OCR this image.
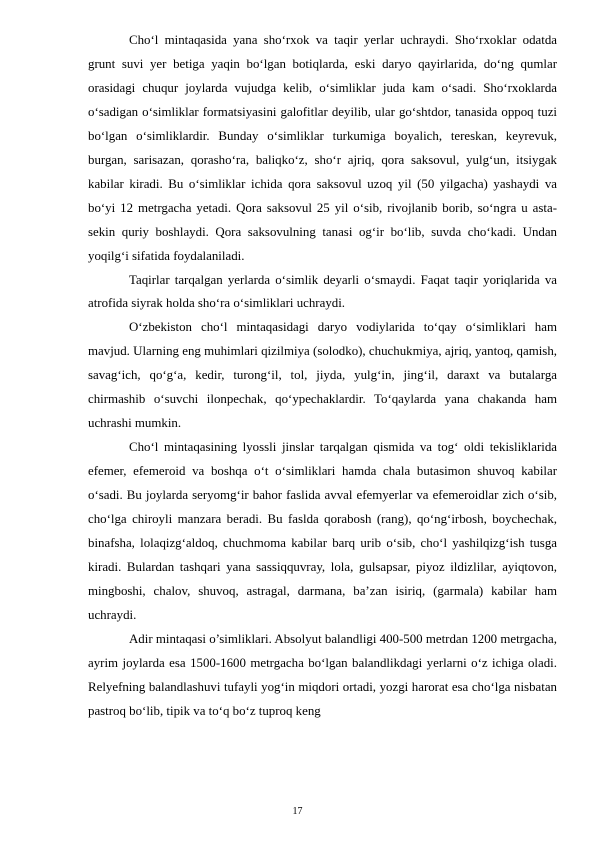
Cho‘l mintaqasida yana sho‘rxok va taqir yerlar uchraydi. Sho‘rxoklar odatda grunt suvi yer betiga yaqin bo‘lgan botiqlarda, eski daryo qayirlarida, do‘ng qumlar orasidagi chuqur joylarda vujudga kelib, o‘simliklar juda kam o‘sadi. Sho‘rxoklarda o‘sadigan o‘simliklar formatsiyasini galofitlar deyilib, ular go‘shtdor, tanasida oppoq tuzi bo‘lgan o‘simliklardir. Bunday o‘simliklar turkumiga boyalich, tereskan, keyrevuk, burgan, sarisazan, qorasho‘ra, baliqko‘z, sho‘r ajriq, qora saksovul, yulg‘un, itsiygak kabilar kiradi. Bu o‘simliklar ichida qora saksovul uzoq yil (50 yilgacha) yashaydi va bo‘yi 12 metrgacha yetadi. Qora saksovul 25 yil o‘sib, rivojlanib borib, so‘ngra u asta-sekin quriy boshlaydi. Qora saksovulning tanasi og‘ir bo‘lib, suvda cho‘kadi. Undan yoqilg‘i sifatida foydalaniladi.

Taqirlar tarqalgan yerlarda o‘simlik deyarli o‘smaydi. Faqat taqir yoriqlarida va atrofida siyrak holda sho‘ra o‘simliklari uchraydi.

O‘zbekiston cho‘l mintaqasidagi daryo vodiylarida to‘qay o‘simliklari ham mavjud. Ularning eng muhimlari qizilmiya (solodko), chuchukmiya, ajriq, yantoq, qamish, savag‘ich, qo‘g‘a, kedir, turong‘il, tol, jiyda, yulg‘in, jing‘il, daraxt va butalarga chirmashib o‘suvchi ilonpechak, qo‘ypechaklardir. To‘qaylarda yana chakanda ham uchrashi mumkin.

Cho‘l mintaqasining lyossli jinslar tarqalgan qismida va tog‘ oldi tekisliklarida efemer, efemeroid va boshqa o‘t o‘simliklari hamda chala butasimon shuvoq kabilar o‘sadi. Bu joylarda seryomg‘ir bahor faslida avval efemyerlar va efemeroidlar zich o‘sib, cho‘lga chiroyli manzara beradi. Bu faslda qorabosh (rang), qo‘ng‘irbosh, boychechak, binafsha, lolaqizg‘aldoq, chuchmoma kabilar barq urib o‘sib, cho‘l yashilqizg‘ish tusga kiradi. Bulardan tashqari yana sassiqquvray, lola, gulsapsar, piyoz ildizlilar, ayiqtovon, mingboshi, chalov, shuvoq, astragal, darmana, ba’zan isiriq, (garmala) kabilar ham uchraydi.

Adir mintaqasi o’simliklari. Absolyut balandligi 400-500 metrdan 1200 metrgacha, ayrim joylarda esa 1500-1600 metrgacha bo‘lgan balandlikdagi yerlarni o‘z ichiga oladi. Relyefning balandlashuvi tufayli yog‘in miqdori ortadi, yozgi harorat esa cho‘lga nisbatan pastroq bo‘lib, tipik va to‘q bo‘z tuproq keng

17
